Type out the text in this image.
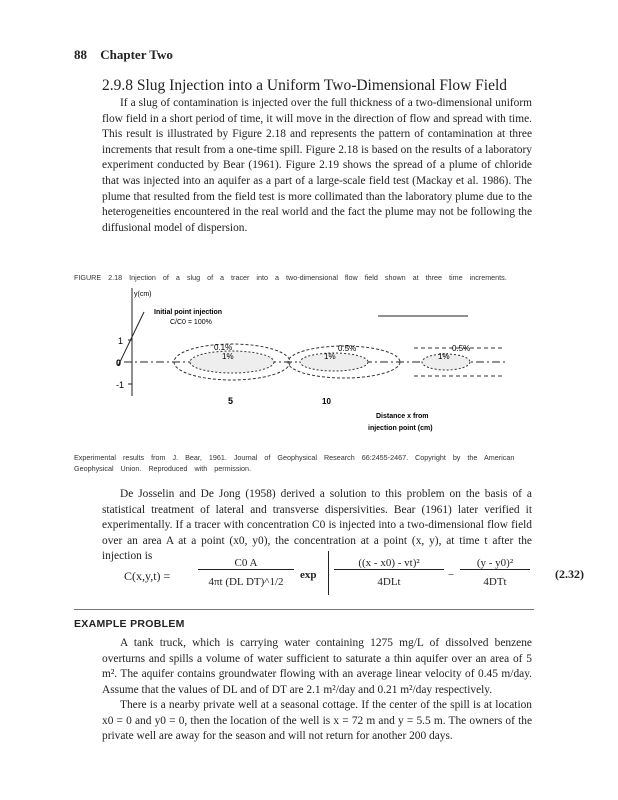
88 Chapter Two
2.9.8 Slug Injection into a Uniform Two-Dimensional Flow Field

If a slug of contamination is injected over the full thickness of a two-dimensional uniform flow field in a short period of time, it will move in the direction of flow and spread with time. This result is illustrated by Figure 2.18 and represents the pattern of contamination at three increments that result from a one-time spill. Figure 2.18 is based on the results of a laboratory experiment conducted by Bear (1961). Figure 2.19 shows the spread of a plume of chloride that was injected into an aquifer as a part of a large-scale field test (Mackay et al. 1986). The plume that resulted from the field test is more collimated than the laboratory plume due to the heterogeneities encountered in the real world and the fact the plume may not be following the diffusional model of dispersion.

FIGURE 2.18 Injection of a slug of a tracer into a two-dimensional flow field shown at three time increments.
1
0
-1
y(cm)
Initial point injection
C/C0 = 100%
5	10
Distance x from
injection point (cm)
0.1%
1%
0.5%
1%
0.5%
1%
Experimental results from J. Bear, 1961. Journal of Geophysical Research 66:2455-2467. Copyright by the American Geophysical Union. Reproduced with permission.

De Josselin and De Jong (1958) derived a solution to this problem on the basis of a statistical treatment of lateral and transverse dispersivities. Bear (1961) later verified it experimentally. If a tracer with concentration C0 is injected into a two-dimensional flow field over an area A at a point (x0, y0), the concentration at a point (x, y), at time t after the injection is

C(x,y,t) =
C0 A
4πt (DL DT)^1/2
exp
((x - x0) - vt)²
4DLt
−
(y - y0)²
4DTt
(2.32)
EXAMPLE PROBLEM

A tank truck, which is carrying water containing 1275 mg/L of dissolved benzene overturns and spills a volume of water sufficient to saturate a thin aquifer over an area of 5 m². The aquifer contains groundwater flowing with an average linear velocity of 0.45 m/day. Assume that the values of DL and of DT are 2.1 m²/day and 0.21 m²/day respectively.

There is a nearby private well at a seasonal cottage. If the center of the spill is at location x0 = 0 and y0 = 0, then the location of the well is x = 72 m and y = 5.5 m. The owners of the private well are away for the season and will not return for another 200 days.
